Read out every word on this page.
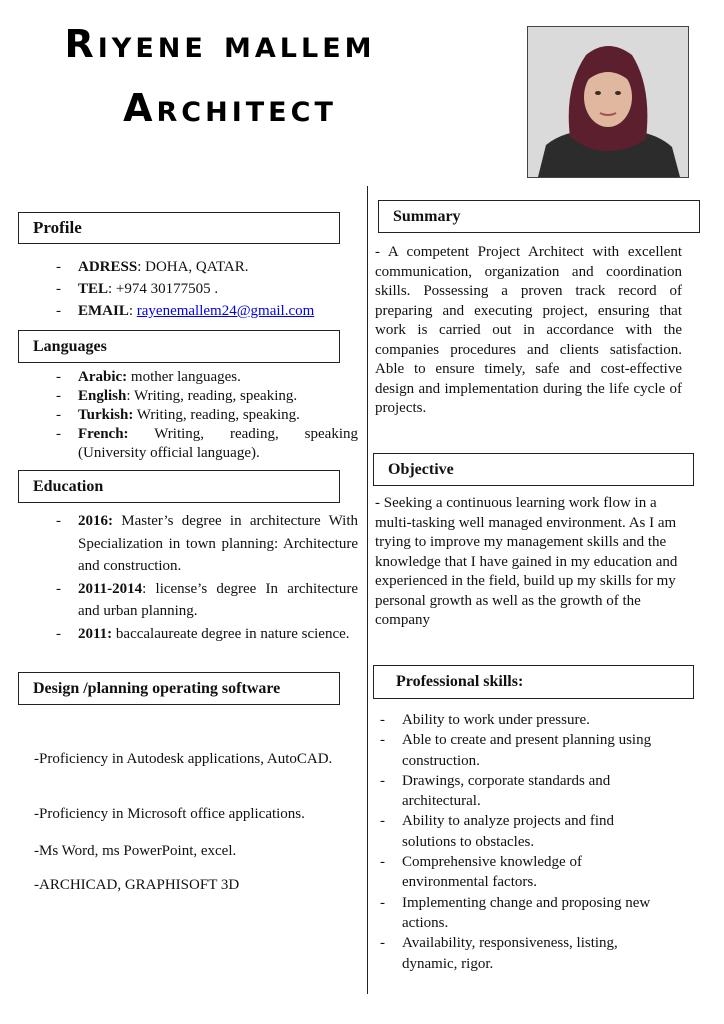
Riyene mallem
Architect
Profile
- ADRESS: DOHA, QATAR.
- TEL: +974 30177505 .
- EMAIL: rayenemallem24@gmail.com
Languages
- Arabic: mother languages.
- English: Writing, reading, speaking.
- Turkish: Writing, reading, speaking.
- French: Writing, reading, speaking (University official language).
Education
- 2016: Master’s degree in architecture With Specialization in town planning: Architecture and construction.
- 2011-2014: license’s degree In architecture and urban planning.
- 2011: baccalaureate degree in nature science.
Design /planning operating software

-Proficiency in Autodesk applications, AutoCAD.

-Proficiency in Microsoft office applications.

-Ms Word, ms PowerPoint, excel.

-ARCHICAD, GRAPHISOFT 3D

Summary

- A competent Project Architect with excellent communication, organization and coordination skills. Possessing a proven track record of preparing and executing project, ensuring that work is carried out in accordance with the companies procedures and clients satisfaction. Able to ensure timely, safe and cost-effective design and implementation during the life cycle of projects.

Objective

- Seeking a continuous learning work flow in a multi-tasking well managed environment. As I am trying to improve my management skills and the knowledge that I have gained in my education and experienced in the field, build up my skills for my personal growth as well as the growth of the company

Professional skills:
- Ability to work under pressure.
- Able to create and present planning using construction.
- Drawings, corporate standards and architectural.
- Ability to analyze projects and find solutions to obstacles.
- Comprehensive knowledge of environmental factors.
- Implementing change and proposing new actions.
- Availability, responsiveness, listing, dynamic, rigor.
